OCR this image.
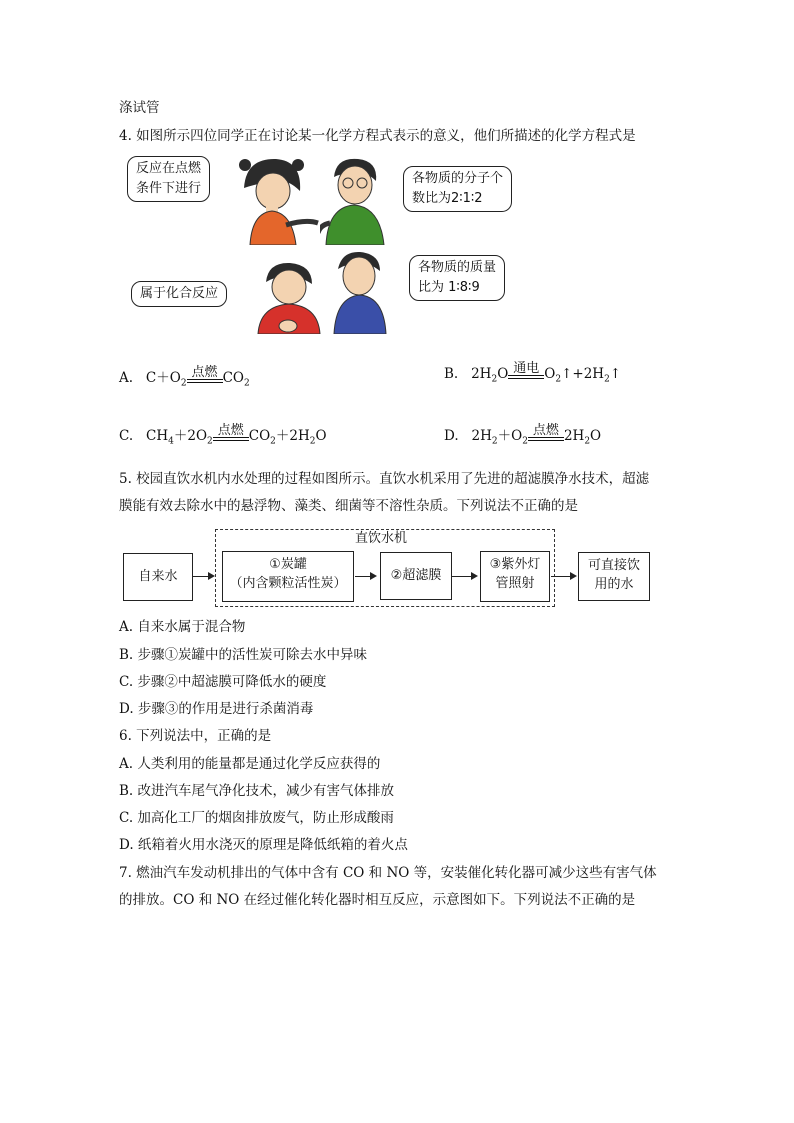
涤试管
4. 如图所示四位同学正在讨论某一化学方程式表示的意义，他们所描述的化学方程式是
反应在点燃
条件下进行
各物质的分子个
数比为2∶1∶2
属于化合反应
各物质的质量
比为 1∶8∶9
A. $C+O_2$
点燃 $CO_2$
B. $2H_2O$ 通电 $O_2↑+2H_2↑$
C. $CH_4+2O_2$
点燃 $CO_2+2H_2O$	D. $2H_2+O_2$
点燃 $2H_2O$
5. 校园直饮水机内水处理的过程如图所示。直饮水机采用了先进的超滤膜净水技术，超滤
膜能有效去除水中的悬浮物、藻类、细菌等不溶性杂质。下列说法不正确的是
直饮水机
自来水
①炭罐
（内含颗粒活性炭）
②超滤膜
③紫外灯
管照射
可直接饮
用的水
A. 自来水属于混合物
B. 步骤①炭罐中的活性炭可除去水中异味
C. 步骤②中超滤膜可降低水的硬度
D. 步骤③的作用是进行杀菌消毒
6. 下列说法中，正确的是
A. 人类利用的能量都是通过化学反应获得的
B. 改进汽车尾气净化技术，减少有害气体排放
C. 加高化工厂的烟囱排放废气，防止形成酸雨
D. 纸箱着火用水浇灭的原理是降低纸箱的着火点
7. 燃油汽车发动机排出的气体中含有 CO 和 NO 等，安装催化转化器可减少这些有害气体
的排放。CO 和 NO 在经过催化转化器时相互反应，示意图如下。下列说法不正确的是
